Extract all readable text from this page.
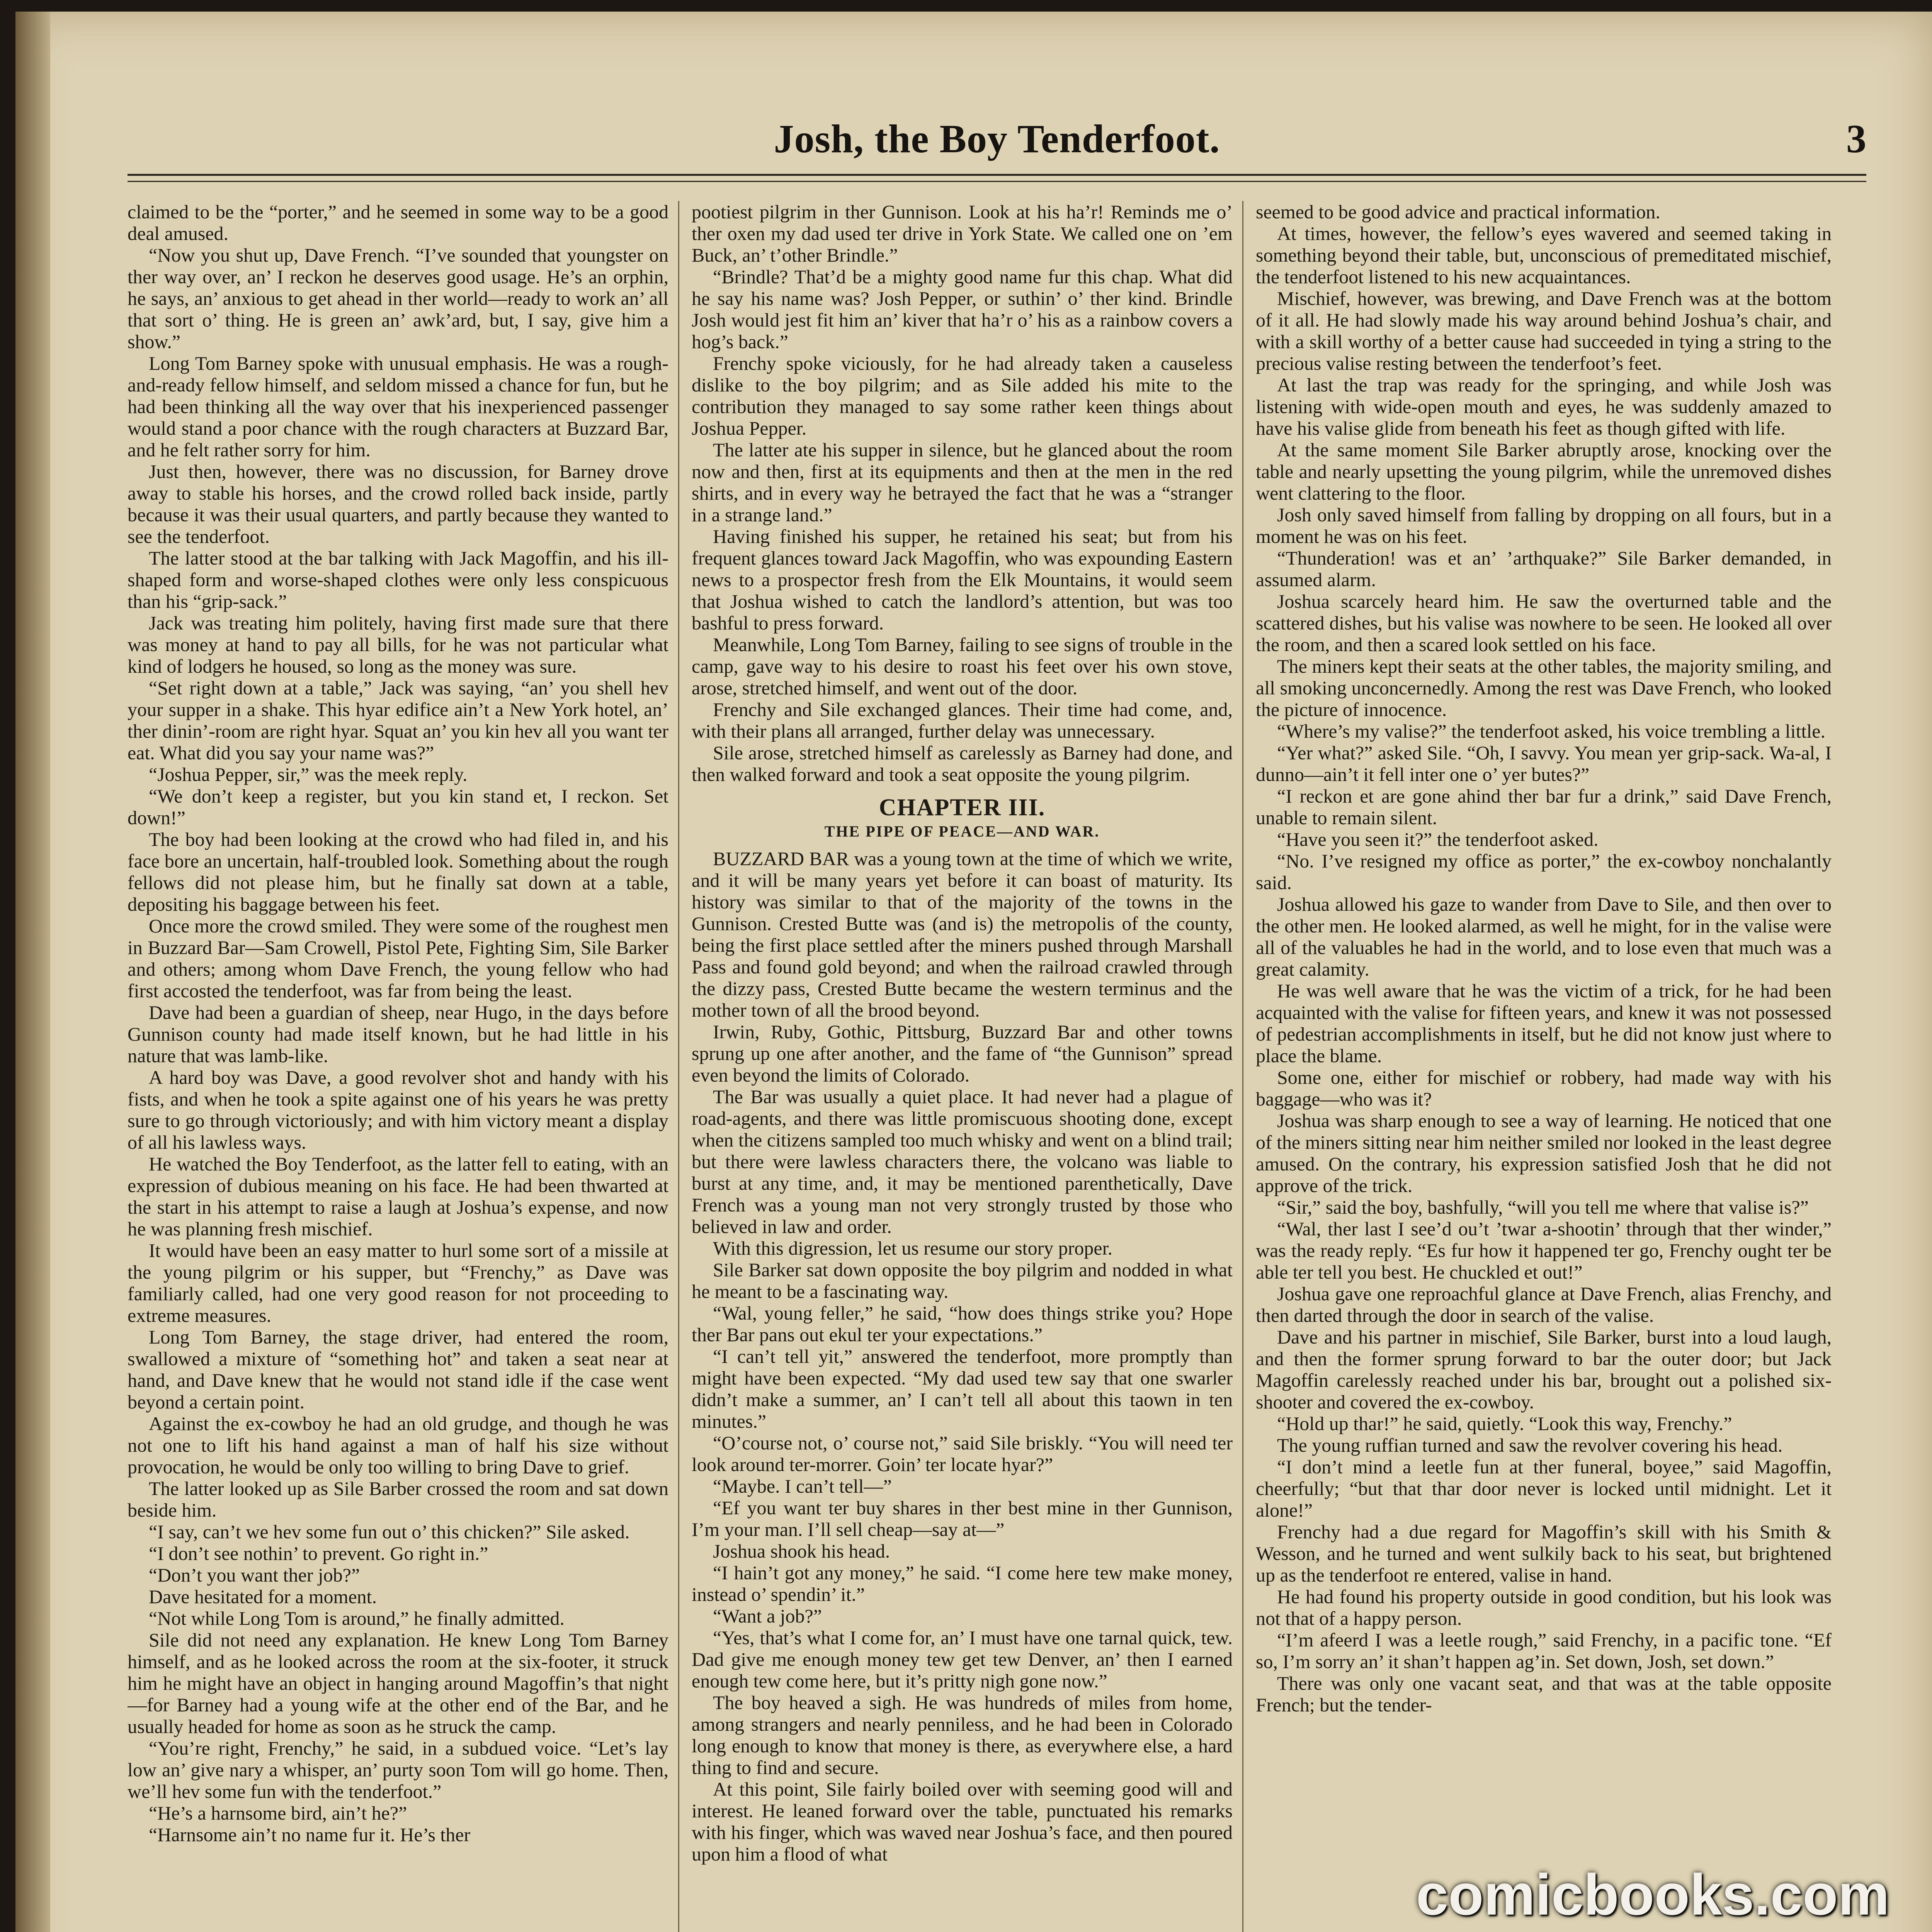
Josh, the Boy Tenderfoot.	3

claimed to be the “porter,” and he seemed in some way to be a good deal amused.

“Now you shut up, Dave French. “I’ve sounded that youngster on ther way over, an’ I reckon he deserves good usage. He’s an orphin, he says, an’ anxious to get ahead in ther world—ready to work an’ all that sort o’ thing. He is green an’ awk’ard, but, I say, give him a show.”

Long Tom Barney spoke with unusual emphasis. He was a rough-and-ready fellow himself, and seldom missed a chance for fun, but he had been thinking all the way over that his inexperienced passenger would stand a poor chance with the rough characters at Buzzard Bar, and he felt rather sorry for him.

Just then, however, there was no discussion, for Barney drove away to stable his horses, and the crowd rolled back inside, partly because it was their usual quarters, and partly because they wanted to see the tenderfoot.

The latter stood at the bar talking with Jack Magoffin, and his ill-shaped form and worse-shaped clothes were only less conspicuous than his “grip-sack.”

Jack was treating him politely, having first made sure that there was money at hand to pay all bills, for he was not particular what kind of lodgers he housed, so long as the money was sure.

“Set right down at a table,” Jack was saying, “an’ you shell hev your supper in a shake. This hyar edifice ain’t a New York hotel, an’ ther dinin’-room are right hyar. Squat an’ you kin hev all you want ter eat. What did you say your name was?”

“Joshua Pepper, sir,” was the meek reply.

“We don’t keep a register, but you kin stand et, I reckon. Set down!”

The boy had been looking at the crowd who had filed in, and his face bore an uncertain, half-troubled look. Something about the rough fellows did not please him, but he finally sat down at a table, depositing his baggage between his feet.

Once more the crowd smiled. They were some of the roughest men in Buzzard Bar—Sam Crowell, Pistol Pete, Fighting Sim, Sile Barker and others; among whom Dave French, the young fellow who had first accosted the tenderfoot, was far from being the least.

Dave had been a guardian of sheep, near Hugo, in the days before Gunnison county had made itself known, but he had little in his nature that was lamb-like.

A hard boy was Dave, a good revolver shot and handy with his fists, and when he took a spite against one of his years he was pretty sure to go through victoriously; and with him victory meant a display of all his lawless ways.

He watched the Boy Tenderfoot, as the latter fell to eating, with an expression of dubious meaning on his face. He had been thwarted at the start in his attempt to raise a laugh at Joshua’s expense, and now he was planning fresh mischief.

It would have been an easy matter to hurl some sort of a missile at the young pilgrim or his supper, but “Frenchy,” as Dave was familiarly called, had one very good reason for not proceeding to extreme measures.

Long Tom Barney, the stage driver, had entered the room, swallowed a mixture of “something hot” and taken a seat near at hand, and Dave knew that he would not stand idle if the case went beyond a certain point.

Against the ex-cowboy he had an old grudge, and though he was not one to lift his hand against a man of half his size without provocation, he would be only too willing to bring Dave to grief.

The latter looked up as Sile Barber crossed the room and sat down beside him.

“I say, can’t we hev some fun out o’ this chicken?” Sile asked.

“I don’t see nothin’ to prevent. Go right in.”

“Don’t you want ther job?”

Dave hesitated for a moment.

“Not while Long Tom is around,” he finally admitted.

Sile did not need any explanation. He knew Long Tom Barney himself, and as he looked across the room at the six-footer, it struck him he might have an object in hanging around Magoffin’s that night—for Barney had a young wife at the other end of the Bar, and he usually headed for home as soon as he struck the camp.

“You’re right, Frenchy,” he said, in a subdued voice. “Let’s lay low an’ give nary a whisper, an’ purty soon Tom will go home. Then, we’ll hev some fun with the tenderfoot.”

“He’s a harnsome bird, ain’t he?”

“Harnsome ain’t no name fur it. He’s ther

pootiest pilgrim in ther Gunnison. Look at his ha’r! Reminds me o’ ther oxen my dad used ter drive in York State. We called one on ’em Buck, an’ t’other Brindle.”

“Brindle? That’d be a mighty good name fur this chap. What did he say his name was? Josh Pepper, or suthin’ o’ ther kind. Brindle Josh would jest fit him an’ kiver that ha’r o’ his as a rainbow covers a hog’s back.”

Frenchy spoke viciously, for he had already taken a causeless dislike to the boy pilgrim; and as Sile added his mite to the contribution they managed to say some rather keen things about Joshua Pepper.

The latter ate his supper in silence, but he glanced about the room now and then, first at its equipments and then at the men in the red shirts, and in every way he betrayed the fact that he was a “stranger in a strange land.”

Having finished his supper, he retained his seat; but from his frequent glances toward Jack Magoffin, who was expounding Eastern news to a prospector fresh from the Elk Mountains, it would seem that Joshua wished to catch the landlord’s attention, but was too bashful to press forward.

Meanwhile, Long Tom Barney, failing to see signs of trouble in the camp, gave way to his desire to roast his feet over his own stove, arose, stretched himself, and went out of the door.

Frenchy and Sile exchanged glances. Their time had come, and, with their plans all arranged, further delay was unnecessary.

Sile arose, stretched himself as carelessly as Barney had done, and then walked forward and took a seat opposite the young pilgrim.

CHAPTER III.
THE PIPE OF PEACE—AND WAR.

BUZZARD BAR was a young town at the time of which we write, and it will be many years yet before it can boast of maturity. Its history was similar to that of the majority of the towns in the Gunnison. Crested Butte was (and is) the metropolis of the county, being the first place settled after the miners pushed through Marshall Pass and found gold beyond; and when the railroad crawled through the dizzy pass, Crested Butte became the western terminus and the mother town of all the brood beyond.

Irwin, Ruby, Gothic, Pittsburg, Buzzard Bar and other towns sprung up one after another, and the fame of “the Gunnison” spread even beyond the limits of Colorado.

The Bar was usually a quiet place. It had never had a plague of road-agents, and there was little promiscuous shooting done, except when the citizens sampled too much whisky and went on a blind trail; but there were lawless characters there, the volcano was liable to burst at any time, and, it may be mentioned parenthetically, Dave French was a young man not very strongly trusted by those who believed in law and order.

With this digression, let us resume our story proper.

Sile Barker sat down opposite the boy pilgrim and nodded in what he meant to be a fascinating way.

“Wal, young feller,” he said, “how does things strike you? Hope ther Bar pans out ekul ter your expectations.”

“I can’t tell yit,” answered the tenderfoot, more promptly than might have been expected. “My dad used tew say that one swarler didn’t make a summer, an’ I can’t tell all about this taown in ten minutes.”

“O’course not, o’ course not,” said Sile briskly. “You will need ter look around ter-morrer. Goin’ ter locate hyar?”

“Maybe. I can’t tell—”

“Ef you want ter buy shares in ther best mine in ther Gunnison, I’m your man. I’ll sell cheap—say at—”

Joshua shook his head.

“I hain’t got any money,” he said. “I come here tew make money, instead o’ spendin’ it.”

“Want a job?”

“Yes, that’s what I come for, an’ I must have one tarnal quick, tew. Dad give me enough money tew get tew Denver, an’ then I earned enough tew come here, but it’s pritty nigh gone now.”

The boy heaved a sigh. He was hundreds of miles from home, among strangers and nearly penniless, and he had been in Colorado long enough to know that money is there, as everywhere else, a hard thing to find and secure.

At this point, Sile fairly boiled over with seeming good will and interest. He leaned forward over the table, punctuated his remarks with his finger, which was waved near Joshua’s face, and then poured upon him a flood of what

seemed to be good advice and practical information.

At times, however, the fellow’s eyes wavered and seemed taking in something beyond their table, but, unconscious of premeditated mischief, the tenderfoot listened to his new acquaintances.

Mischief, however, was brewing, and Dave French was at the bottom of it all. He had slowly made his way around behind Joshua’s chair, and with a skill worthy of a better cause had succeeded in tying a string to the precious valise resting between the tenderfoot’s feet.

At last the trap was ready for the springing, and while Josh was listening with wide-open mouth and eyes, he was suddenly amazed to have his valise glide from beneath his feet as though gifted with life.

At the same moment Sile Barker abruptly arose, knocking over the table and nearly upsetting the young pilgrim, while the unremoved dishes went clattering to the floor.

Josh only saved himself from falling by dropping on all fours, but in a moment he was on his feet.

“Thunderation! was et an’ ’arthquake?” Sile Barker demanded, in assumed alarm.

Joshua scarcely heard him. He saw the overturned table and the scattered dishes, but his valise was nowhere to be seen. He looked all over the room, and then a scared look settled on his face.

The miners kept their seats at the other tables, the majority smiling, and all smoking unconcernedly. Among the rest was Dave French, who looked the picture of innocence.

“Where’s my valise?” the tenderfoot asked, his voice trembling a little.

“Yer what?” asked Sile. “Oh, I savvy. You mean yer grip-sack. Wa-al, I dunno—ain’t it fell inter one o’ yer butes?”

“I reckon et are gone ahind ther bar fur a drink,” said Dave French, unable to remain silent.

“Have you seen it?” the tenderfoot asked.

“No. I’ve resigned my office as porter,” the ex-cowboy nonchalantly said.

Joshua allowed his gaze to wander from Dave to Sile, and then over to the other men. He looked alarmed, as well he might, for in the valise were all of the valuables he had in the world, and to lose even that much was a great calamity.

He was well aware that he was the victim of a trick, for he had been acquainted with the valise for fifteen years, and knew it was not possessed of pedestrian accomplishments in itself, but he did not know just where to place the blame.

Some one, either for mischief or robbery, had made way with his baggage—who was it?

Joshua was sharp enough to see a way of learning. He noticed that one of the miners sitting near him neither smiled nor looked in the least degree amused. On the contrary, his expression satisfied Josh that he did not approve of the trick.

“Sir,” said the boy, bashfully, “will you tell me where that valise is?”

“Wal, ther last I see’d ou’t ’twar a-shootin’ through that ther winder,” was the ready reply. “Es fur how it happened ter go, Frenchy ought ter be able ter tell you best. He chuckled et out!”

Joshua gave one reproachful glance at Dave French, alias Frenchy, and then darted through the door in search of the valise.

Dave and his partner in mischief, Sile Barker, burst into a loud laugh, and then the former sprung forward to bar the outer door; but Jack Magoffin carelessly reached under his bar, brought out a polished six-shooter and covered the ex-cowboy.

“Hold up thar!” he said, quietly. “Look this way, Frenchy.”

The young ruffian turned and saw the revolver covering his head.

“I don’t mind a leetle fun at ther funeral, boyee,” said Magoffin, cheerfully; “but that thar door never is locked until midnight. Let it alone!”

Frenchy had a due regard for Magoffin’s skill with his Smith & Wesson, and he turned and went sulkily back to his seat, but brightened up as the tenderfoot re entered, valise in hand.

He had found his property outside in good condition, but his look was not that of a happy person.

“I’m afeerd I was a leetle rough,” said Frenchy, in a pacific tone. “Ef so, I’m sorry an’ it shan’t happen ag’in. Set down, Josh, set down.”

There was only one vacant seat, and that was at the table opposite French; but the tender-

comicbooks.com
